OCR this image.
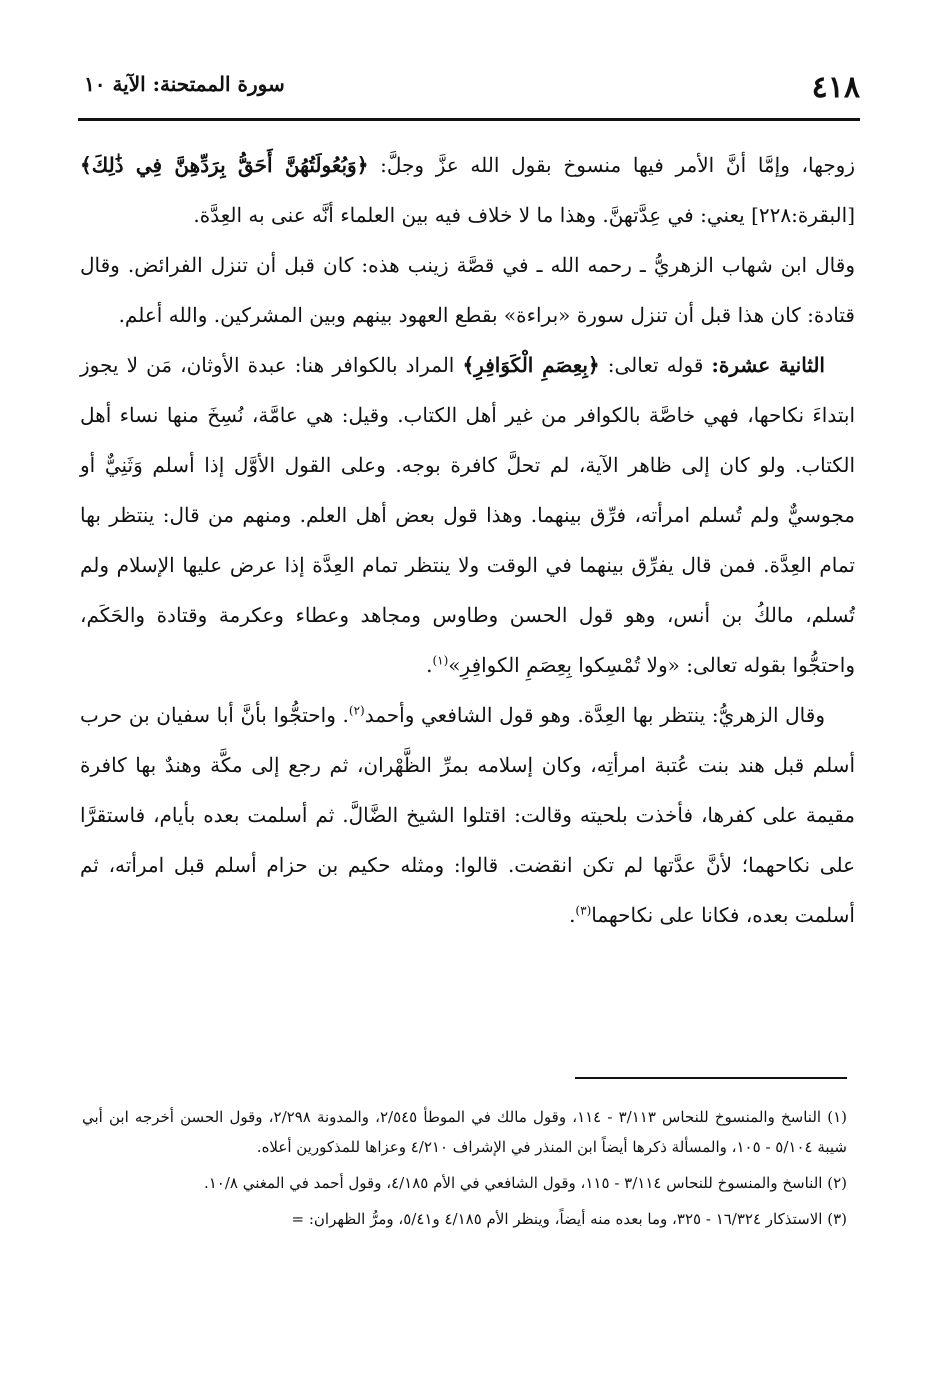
٤١٨
سورة الممتحنة: الآية ١٠

زوجها، وإمَّا أنَّ الأمر فيها منسوخ بقول الله عزَّ وجلَّ: ﴿وَبُعُولَتُهُنَّ أَحَقُّ بِرَدِّهِنَّ فِي ذَٰلِكَ﴾ [البقرة:٢٢٨] يعني: في عِدَّتهنَّ. وهذا ما لا خلاف فيه بين العلماء أنَّه عنى به العِدَّة.

وقال ابن شهاب الزهريُّ ـ رحمه الله ـ في قصَّة زينب هذه: كان قبل أن تنزل الفرائض. وقال قتادة: كان هذا قبل أن تنزل سورة «براءة» بقطع العهود بينهم وبين المشركين. والله أعلم.

الثانية عشرة: قوله تعالى: ﴿بِعِصَمِ الْكَوَافِرِ﴾ المراد بالكوافر هنا: عبدة الأوثان، مَن لا يجوز ابتداءَ نكاحها، فهي خاصَّة بالكوافر من غير أهل الكتاب. وقيل: هي عامَّة، نُسِخَ منها نساء أهل الكتاب. ولو كان إلى ظاهر الآية، لم تحلَّ كافرة بوجه. وعلى القول الأوَّل إذا أسلم وَثَنِيٌّ أو مجوسيٌّ ولم تُسلم امرأته، فرِّق بينهما. وهذا قول بعض أهل العلم. ومنهم من قال: ينتظر بها تمام العِدَّة. فمن قال يفرِّق بينهما في الوقت ولا ينتظر تمام العِدَّة إذا عرض عليها الإسلام ولم تُسلم، مالكُ بن أنس، وهو قول الحسن وطاوس ومجاهد وعطاء وعكرمة وقتادة والحَكَم، واحتجُّوا بقوله تعالى: «ولا تُمْسِكوا بِعِصَمِ الكوافِرِ»$^{(١)}$.

وقال الزهريُّ: ينتظر بها العِدَّة. وهو قول الشافعي وأحمد$^{(٢)}$. واحتجُّوا بأنَّ أبا سفيان بن حرب أسلم قبل هند بنت عُتبة امرأتِه، وكان إسلامه بمرِّ الظَّهْران، ثم رجع إلى مكَّة وهندٌ بها كافرة مقيمة على كفرها، فأخذت بلحيته وقالت: اقتلوا الشيخ الضَّالَّ. ثم أسلمت بعده بأيام، فاستقرَّا على نكاحهما؛ لأنَّ عدَّتها لم تكن انقضت. قالوا: ومثله حكيم بن حزام أسلم قبل امرأته، ثم أسلمت بعده، فكانا على نكاحهما$^{(٣)}$.

(١) الناسخ والمنسوخ للنحاس ٣/١١٣ - ١١٤، وقول مالك في الموطأ ٢/٥٤٥، والمدونة ٢/٢٩٨، وقول الحسن أخرجه ابن أبي شيبة ٥/١٠٤ - ١٠٥، والمسألة ذكرها أيضاً ابن المنذر في الإشراف ٤/٢١٠ وعزاها للمذكورين أعلاه.

(٢) الناسخ والمنسوخ للنحاس ٣/١١٤ - ١١٥، وقول الشافعي في الأم ٤/١٨٥، وقول أحمد في المغني ١٠/٨.

(٣) الاستذكار ١٦/٣٢٤ - ٣٢٥، وما بعده منه أيضاً، وينظر الأم ٤/١٨٥ و٥/٤١، ومرُّ الظهران: =
